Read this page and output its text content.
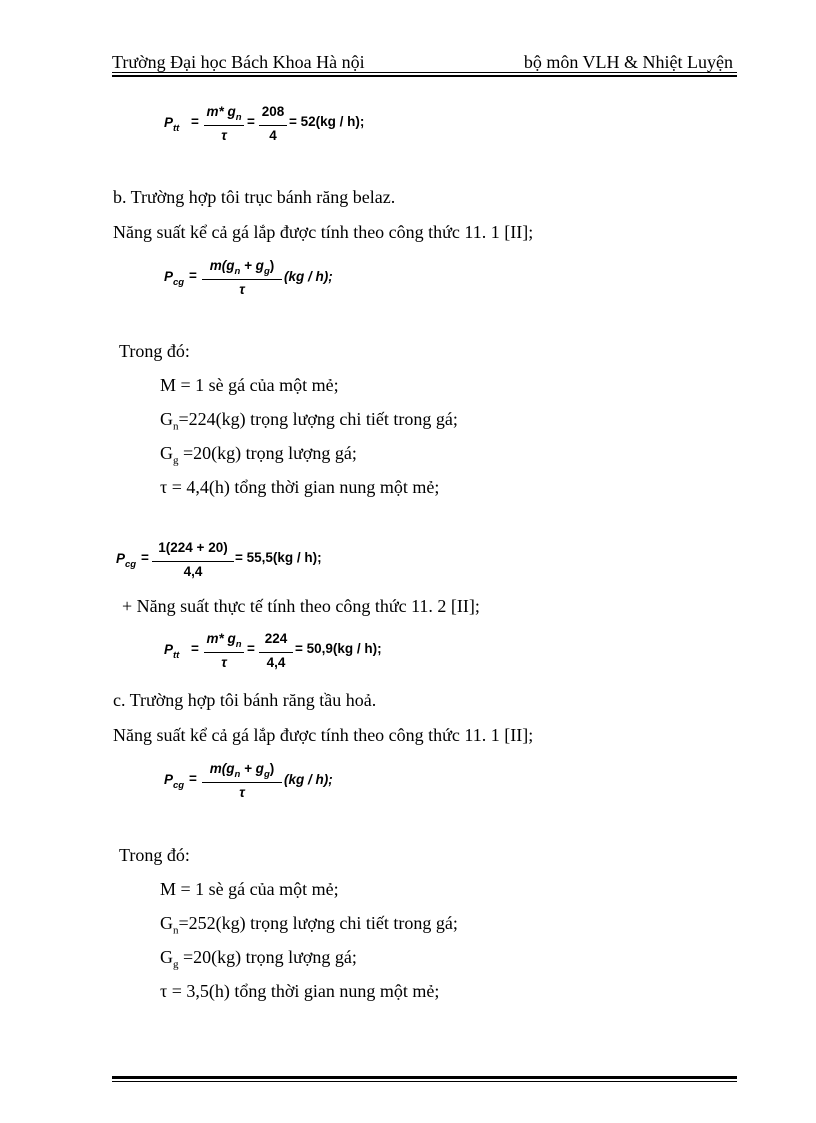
Trường Đại học Bách Khoa Hà nội	bộ môn VLH & Nhiệt Luyện
$P_{tt}$ =
m* $g_n$
τ
=
208
4
= 52(kg / h);
b. Trường hợp tôi trục bánh răng belaz.
Năng suất kể cả gá lắp được tính theo công thức 11. 1 [II];
$P_{cg}$ =
$m(g_n + g_g)$
τ
(kg / h);
Trong đó:
M = 1 sè gá của một mẻ;
$G_n=224(kg)$ trọng lượng chi tiết trong gá;
$G_g =20(kg)$ trọng lượng gá;
τ = 4,4(h) tổng thời gian nung một mẻ;
$P_{cg}$ =
1(224 + 20)
4,4
= 55,5(kg / h);
+ Năng suất thực tế tính theo công thức 11. 2 [II];
$P_{tt}$ =
m* $g_n$
τ
=
224
4,4
= 50,9(kg / h);
c. Trường hợp tôi bánh răng tầu hoả.
Năng suất kể cả gá lắp được tính theo công thức 11. 1 [II];
$P_{cg}$ =
$m(g_n + g_g)$
τ
(kg / h);
Trong đó:
M = 1 sè gá của một mẻ;
$G_n=252(kg)$ trọng lượng chi tiết trong gá;
$G_g =20(kg)$ trọng lượng gá;
τ = 3,5(h) tổng thời gian nung một mẻ;
